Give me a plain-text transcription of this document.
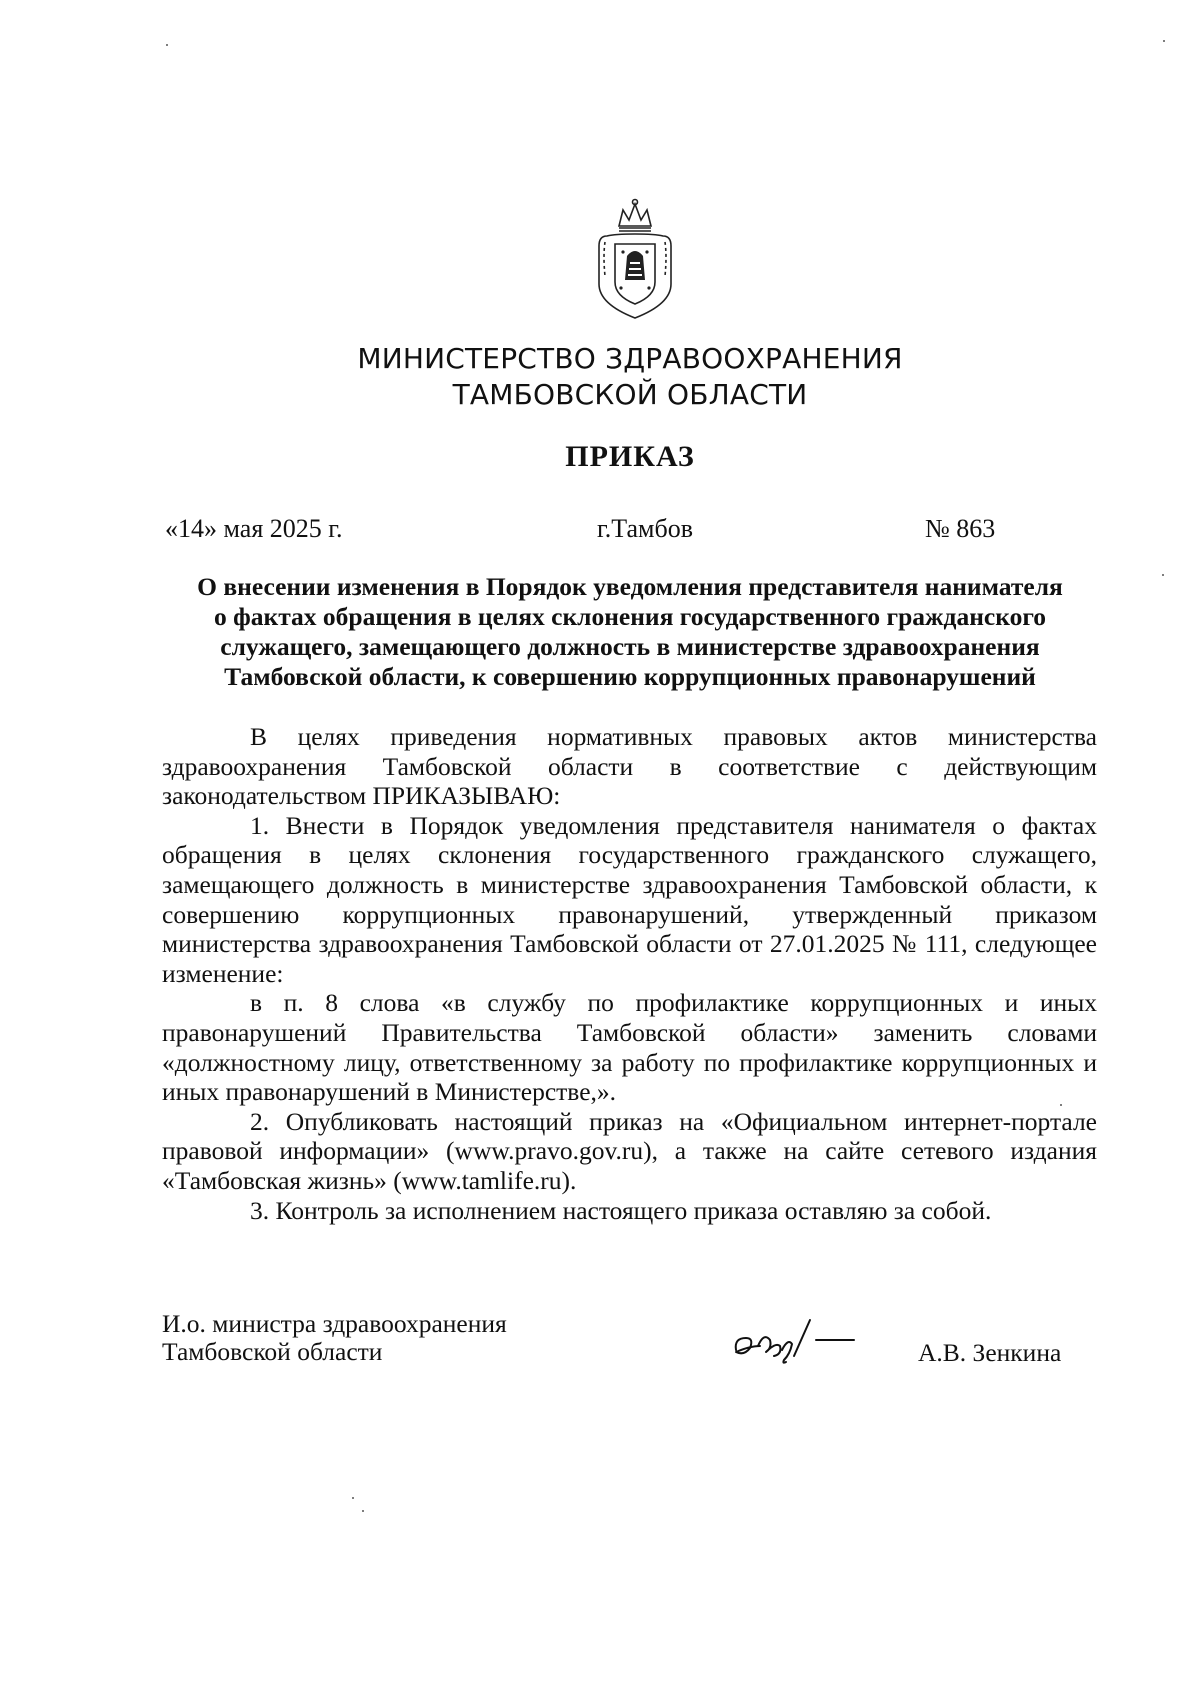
МИНИСТЕРСТВО ЗДРАВООХРАНЕНИЯ
ТАМБОВСКОЙ ОБЛАСТИ
ПРИКАЗ
«14» мая 2025 г.	г.Тамбов	№ 863
О внесении изменения в Порядок уведомления представителя нанимателя
о фактах обращения в целях склонения государственного гражданского
служащего, замещающего должность в министерстве здравоохранения
Тамбовской области, к совершению коррупционных правонарушений

В целях приведения нормативных правовых актов министерства здравоохранения Тамбовской области в соответствие с действующим законодательством ПРИКАЗЫВАЮ:

1. Внести в Порядок уведомления представителя нанимателя о фактах обращения в целях склонения государственного гражданского служащего, замещающего должность в министерстве здравоохранения Тамбовской области, к совершению коррупционных правонарушений, утвержденный приказом министерства здравоохранения Тамбовской области от 27.01.2025 № 111, следующее изменение:

в п. 8 слова «в службу по профилактике коррупционных и иных правонарушений Правительства Тамбовской области» заменить словами «должностному лицу, ответственному за работу по профилактике коррупционных и иных правонарушений в Министерстве,».

2. Опубликовать настоящий приказ на «Официальном интернет-портале правовой информации» (www.pravo.gov.ru), а также на сайте сетевого издания «Тамбовская жизнь» (www.tamlife.ru).

3. Контроль за исполнением настоящего приказа оставляю за собой.

И.о. министра здравоохранения
Тамбовской области	А.В. Зенкина
